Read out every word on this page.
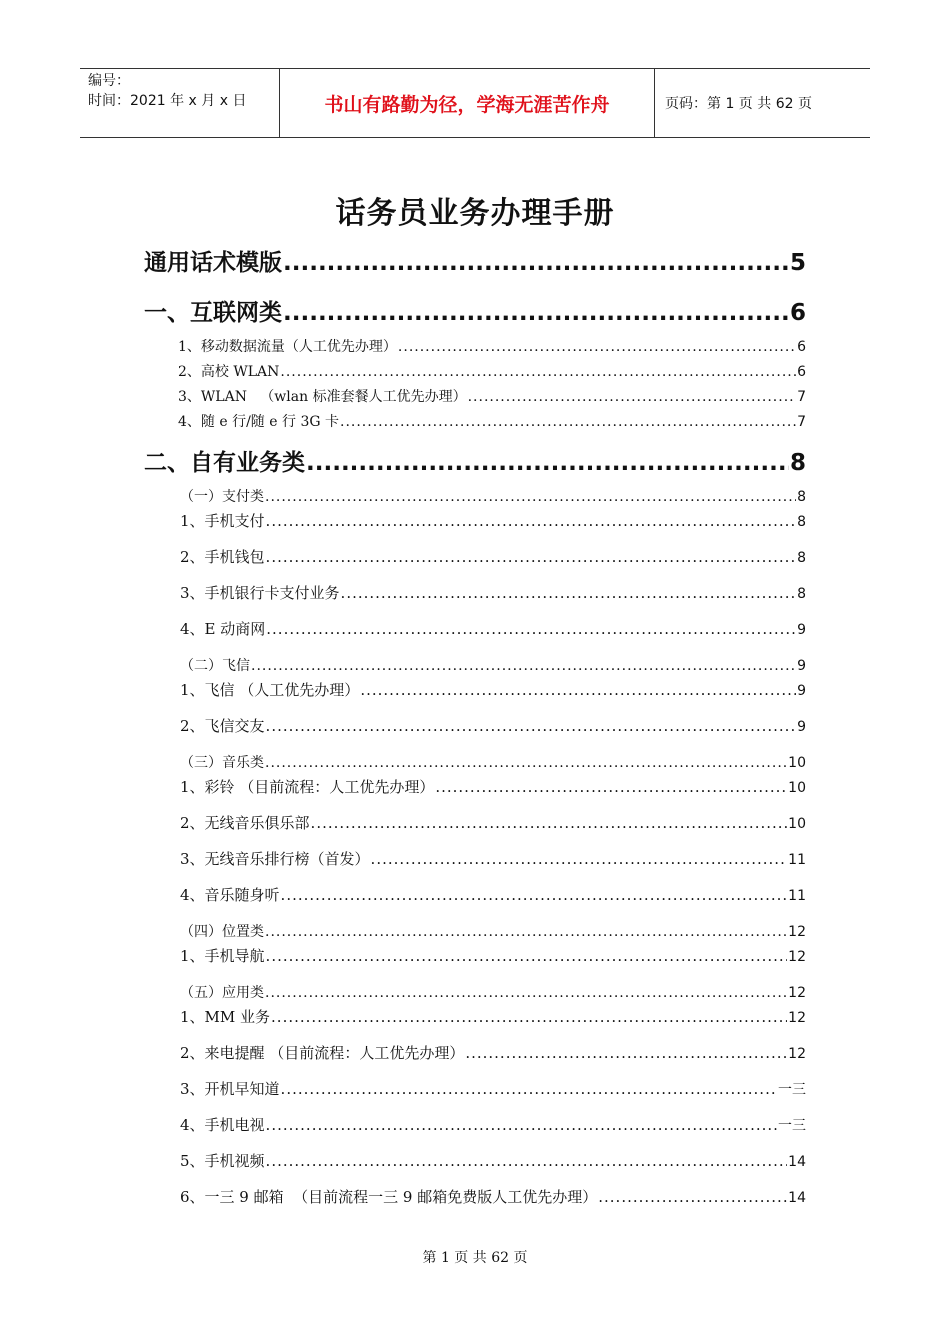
编号：
时间：2021 年 x 月 x 日	书山有路勤为径，学海无涯苦作舟	页码：第 1 页 共 62 页
话务员业务办理手册
通用话术模版 .....	5
一、互联网类 .....	6
1、移动数据流量（人工优先办理） .....	6
2、高校 WLAN .....	6
3、WLAN   （wlan 标准套餐人工优先办理） .....	7
4、随 e 行/随 e 行 3G 卡 .....	7
二、自有业务类 .....	8
（一）支付类 .....	8
1、手机支付 .....	8
2、手机钱包 .....	8
3、手机银行卡支付业务 .....	8
4、E 动商网 .....	9
（二）飞信 .....	9
1、飞信 （人工优先办理） .....	9
2、飞信交友 .....	9
（三）音乐类 .....	10
1、彩铃 （目前流程：人工优先办理） .....	10
2、无线音乐俱乐部 .....	10
3、无线音乐排行榜（首发） .....	11
4、音乐随身听 .....	11
（四）位置类 .....	12
1、手机导航 .....	12
（五）应用类 .....	12
1、MM 业务 .....	12
2、来电提醒 （目前流程：人工优先办理） .....	12
3、开机早知道 .....	一三
4、手机电视 .....	一三
5、手机视频 .....	14
6、一三 9 邮箱  （目前流程一三 9 邮箱免费版人工优先办理） .....	14
第 1 页 共 62 页
